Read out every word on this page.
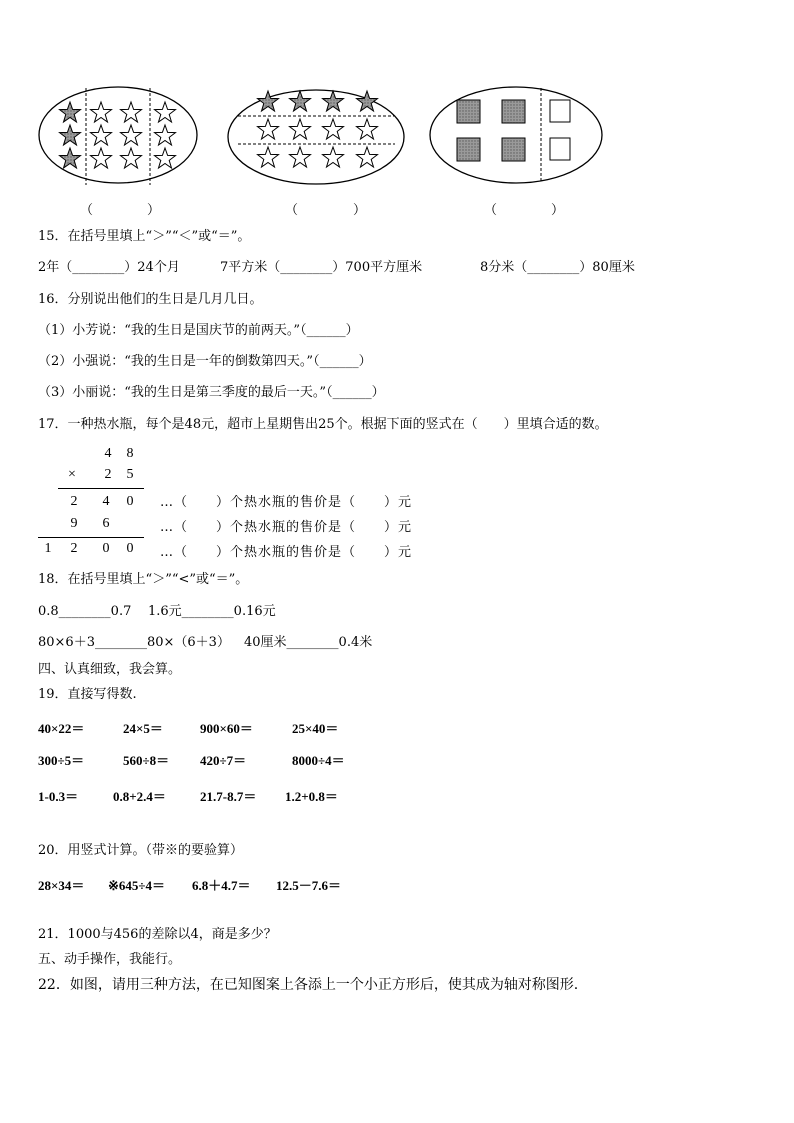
（	）	（	）	（	）
15．在括号里填上“＞”“＜”或“＝”。
2年（________）24个月	7平方米（________）700平方厘米	8分米（________）80厘米
16．分别说出他们的生日是几月几日。
（1）小芳说：“我的生日是国庆节的前两天。”（______）
（2）小强说：“我的生日是一年的倒数第四天。”（______）
（3）小丽说：“我的生日是第三季度的最后一天。”（______）
17．一种热水瓶，每个是48元，超市上星期售出25个。根据下面的竖式在（　　）里填合适的数。
4	8
×	2	5
2	4	0
9	6
1	2	0	0
…（　　）个热水瓶的售价是（　　）元
…（　　）个热水瓶的售价是（　　）元
…（　　）个热水瓶的售价是（　　）元
18．在括号里填上“＞”“<”或“＝”。
0.8________0.7 1.6元________0.16元
80×6＋3________80×（6＋3） 40厘米________0.4米
四、认真细致，我会算。
19．直接写得数.
40×22＝	24×5＝	900×60＝	25×40＝
300÷5＝	560÷8＝ 420÷7＝	8000÷4＝
1-0.3＝	0.8+2.4＝	21.7-8.7＝ 1.2+0.8＝
20．用竖式计算。（带※的要验算）
28×34＝ ※645÷4＝ 6.8＋4.7＝ 12.5－7.6＝
21．1000与456的差除以4，商是多少？
五、动手操作，我能行。
22．如图，请用三种方法，在已知图案上各添上一个小正方形后，使其成为轴对称图形.
